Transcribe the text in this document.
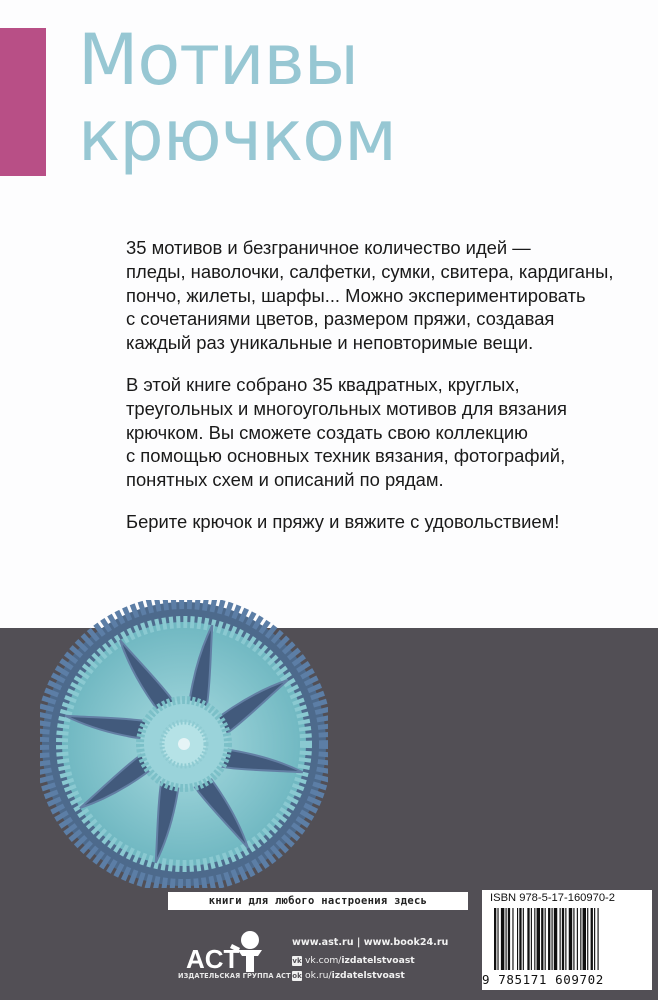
Мотивы
крючком

35 мотивов и безграничное количество идей —
пледы, наволочки, салфетки, сумки, свитера, кардиганы,
пончо, жилеты, шарфы... Можно экспериментировать
с сочетаниями цветов, размером пряжи, создавая
каждый раз уникальные и неповторимые вещи.

В этой книге собрано 35 квадратных, круглых,
треугольных и многоугольных мотивов для вязания
крючком. Вы сможете создать свою коллекцию
с помощью основных техник вязания, фотографий,
понятных схем и описаний по рядам.

Берите крючок и пряжу и вяжите с удовольствием!

книги для любого настроения здесь
ACT
ИЗДАТЕЛЬСКАЯ ГРУППА АСТ
www.ast.ru | www.book24.ru
vk vk.com/ izdatelstvoast
ok ok.ru/ izdatelstvoast
ISBN 978-5-17-160970-2
9 785171 609702
